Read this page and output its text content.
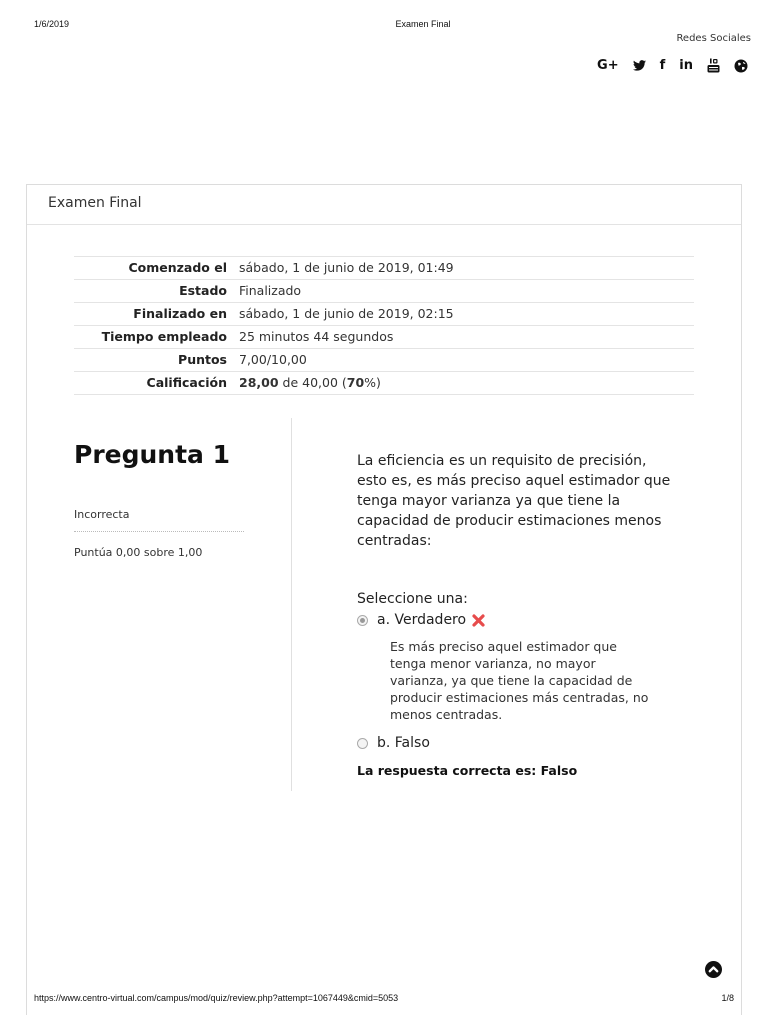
1/6/2019	Examen Final
Redes Sociales
G+	f in
Examen Final
Comenzado el	sábado, 1 de junio de 2019, 01:49
Estado	Finalizado
Finalizado en	sábado, 1 de junio de 2019, 02:15
Tiempo empleado	25 minutos 44 segundos
Puntos	7,00/10,00
Calificación	28,00 de 40,00 (70%)
Pregunta 1
Incorrecta
Puntúa 0,00 sobre 1,00

La eficiencia es un requisito de precisión, esto es, es más preciso aquel estimador que tenga mayor varianza ya que tiene la capacidad de producir estimaciones menos centradas:

Seleccione una:
a. Verdadero
Es más preciso aquel estimador que tenga menor varianza, no mayor varianza, ya que tiene la capacidad de producir estimaciones más centradas, no menos centradas.
b. Falso
La respuesta correcta es: Falso
https://www.centro-virtual.com/campus/mod/quiz/review.php?attempt=1067449&cmid=5053	1/8
